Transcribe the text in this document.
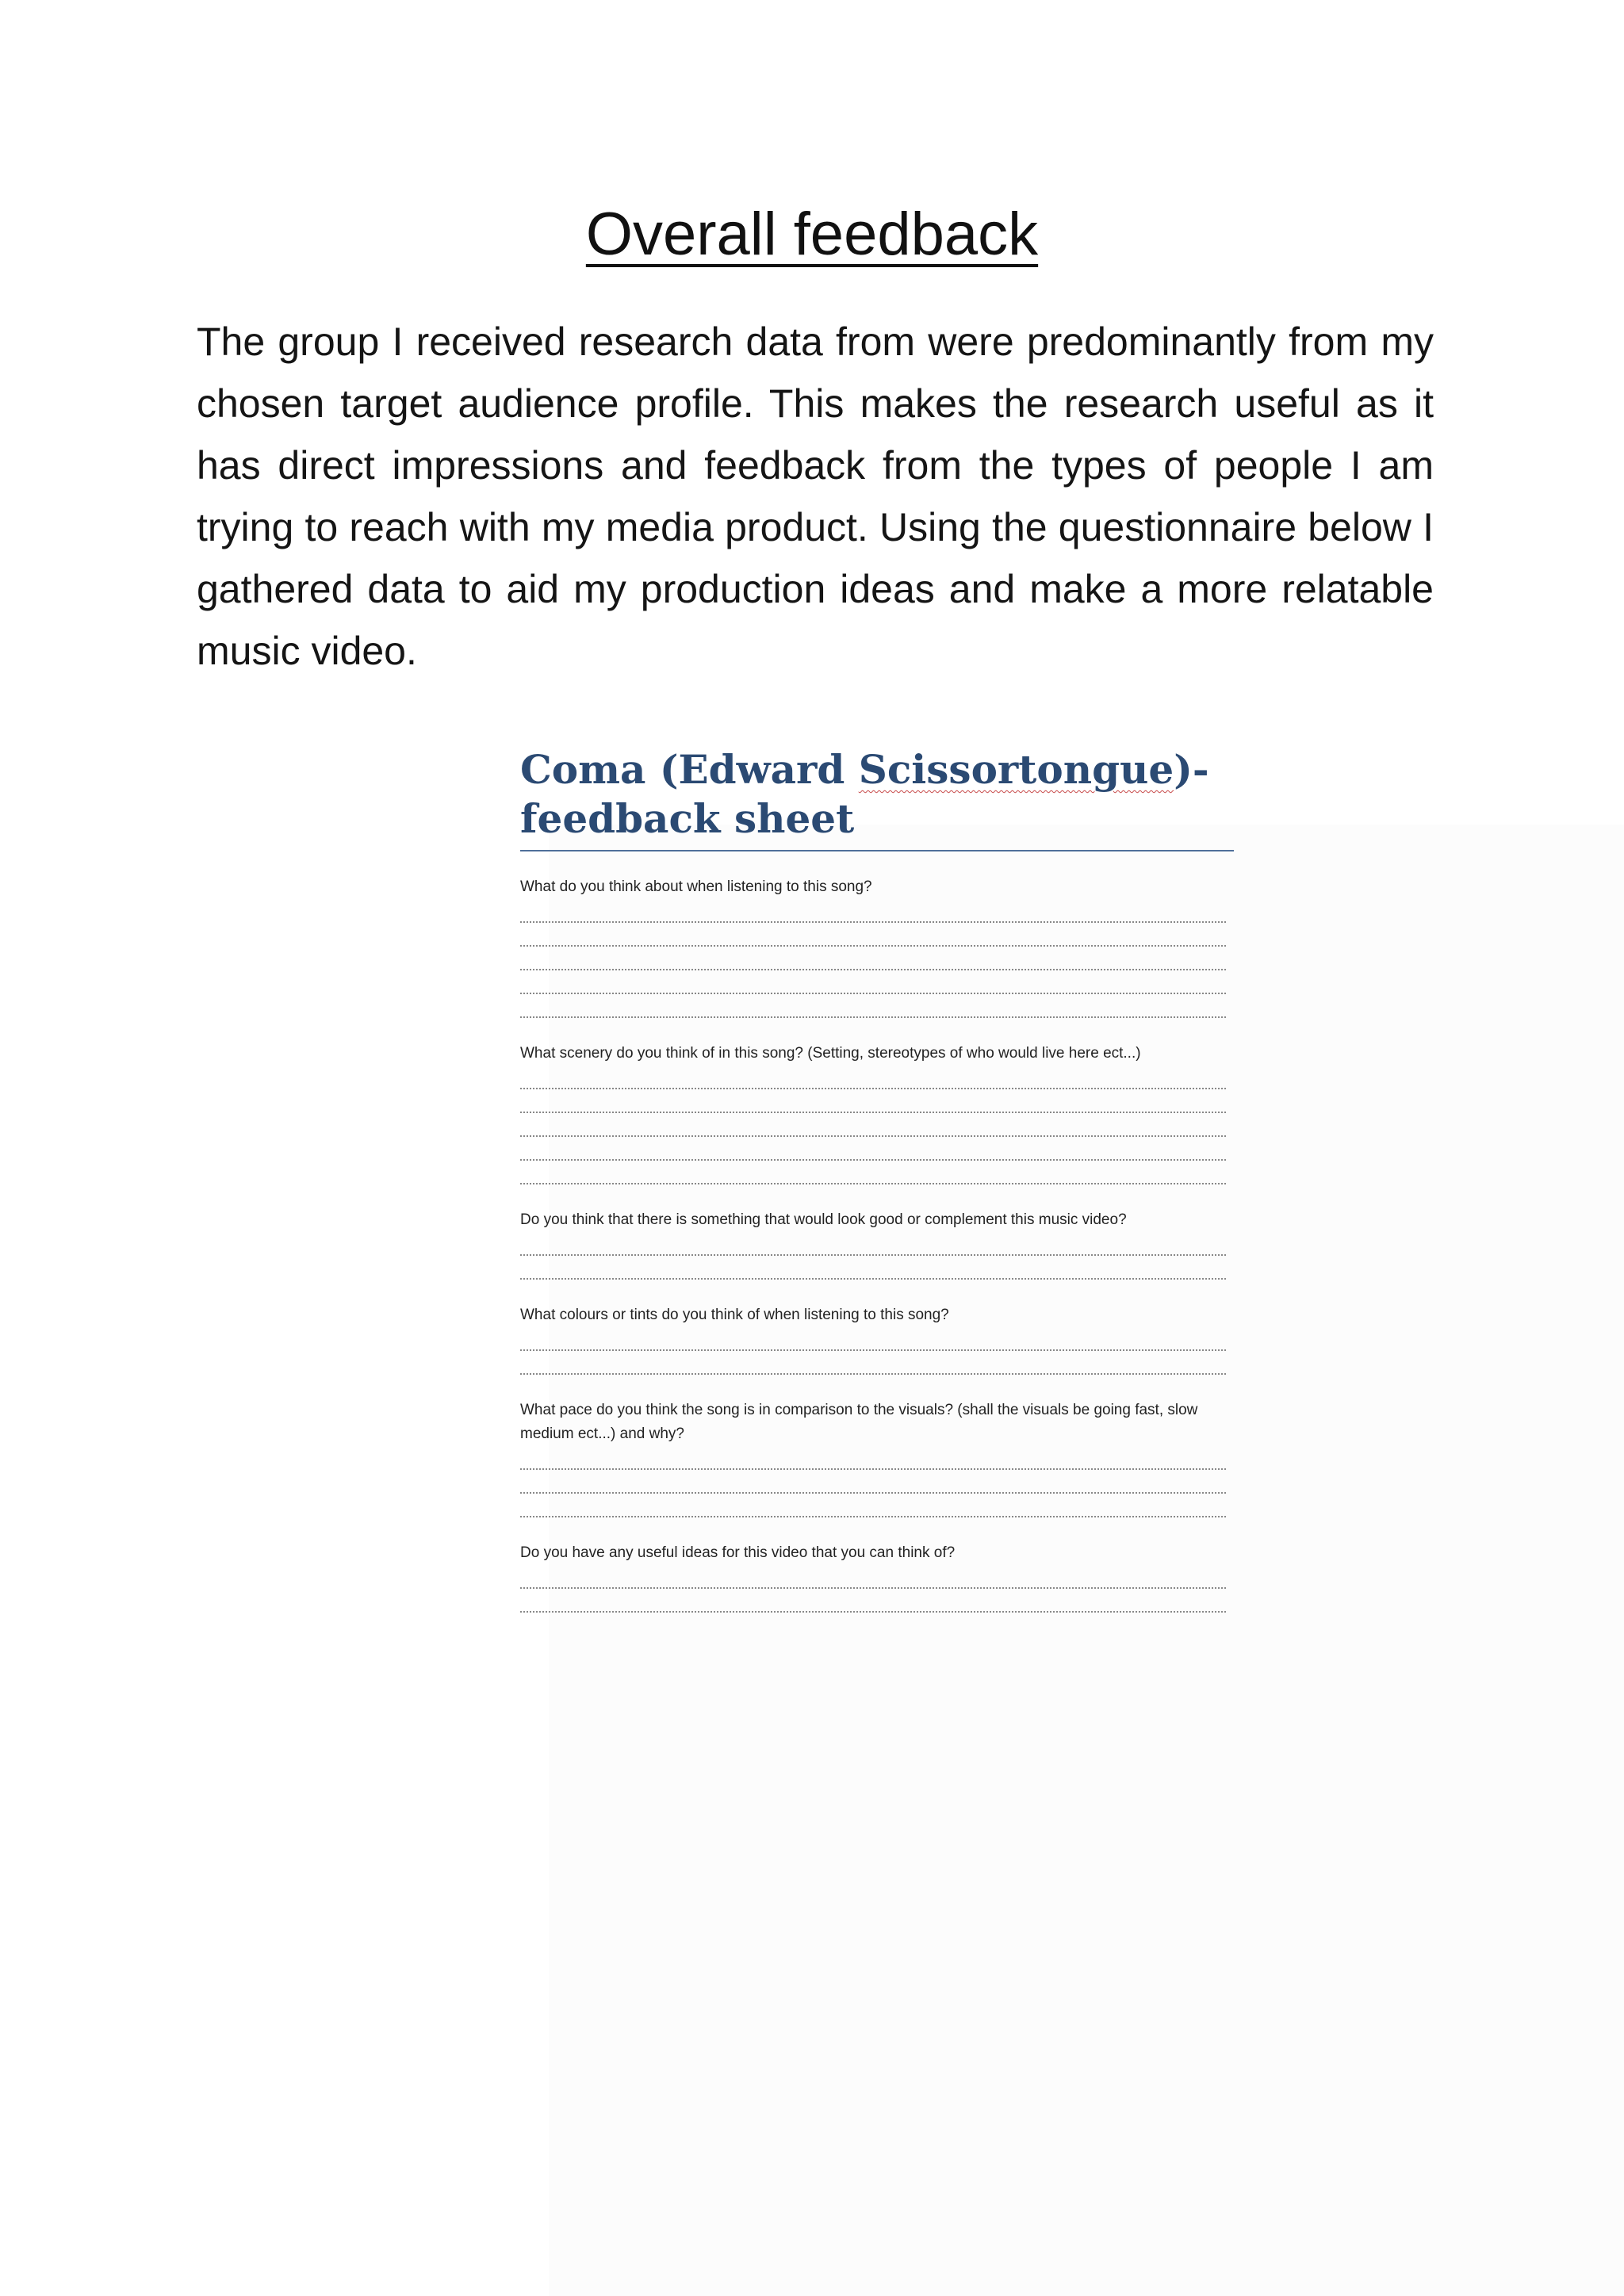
Overall feedback
The group I received research data from were predominantly from my chosen target audience profile. This makes the research useful as it has direct impressions and feedback from the types of people I am trying to reach with my media product. Using the questionnaire below I gathered data to aid my production ideas and make a more relatable music video.
Coma (Edward Scissortongue)-
feedback sheet

What do you think about when listening to this song?

What scenery do you think of in this song? (Setting, stereotypes of who would live here ect...)

Do you think that there is something that would look good or complement this music video?

What colours or tints do you think of when listening to this song?

What pace do you think the song is in comparison to the visuals? (shall the visuals be going fast, slow medium ect...) and why?

Do you have any useful ideas for this video that you can think of?
